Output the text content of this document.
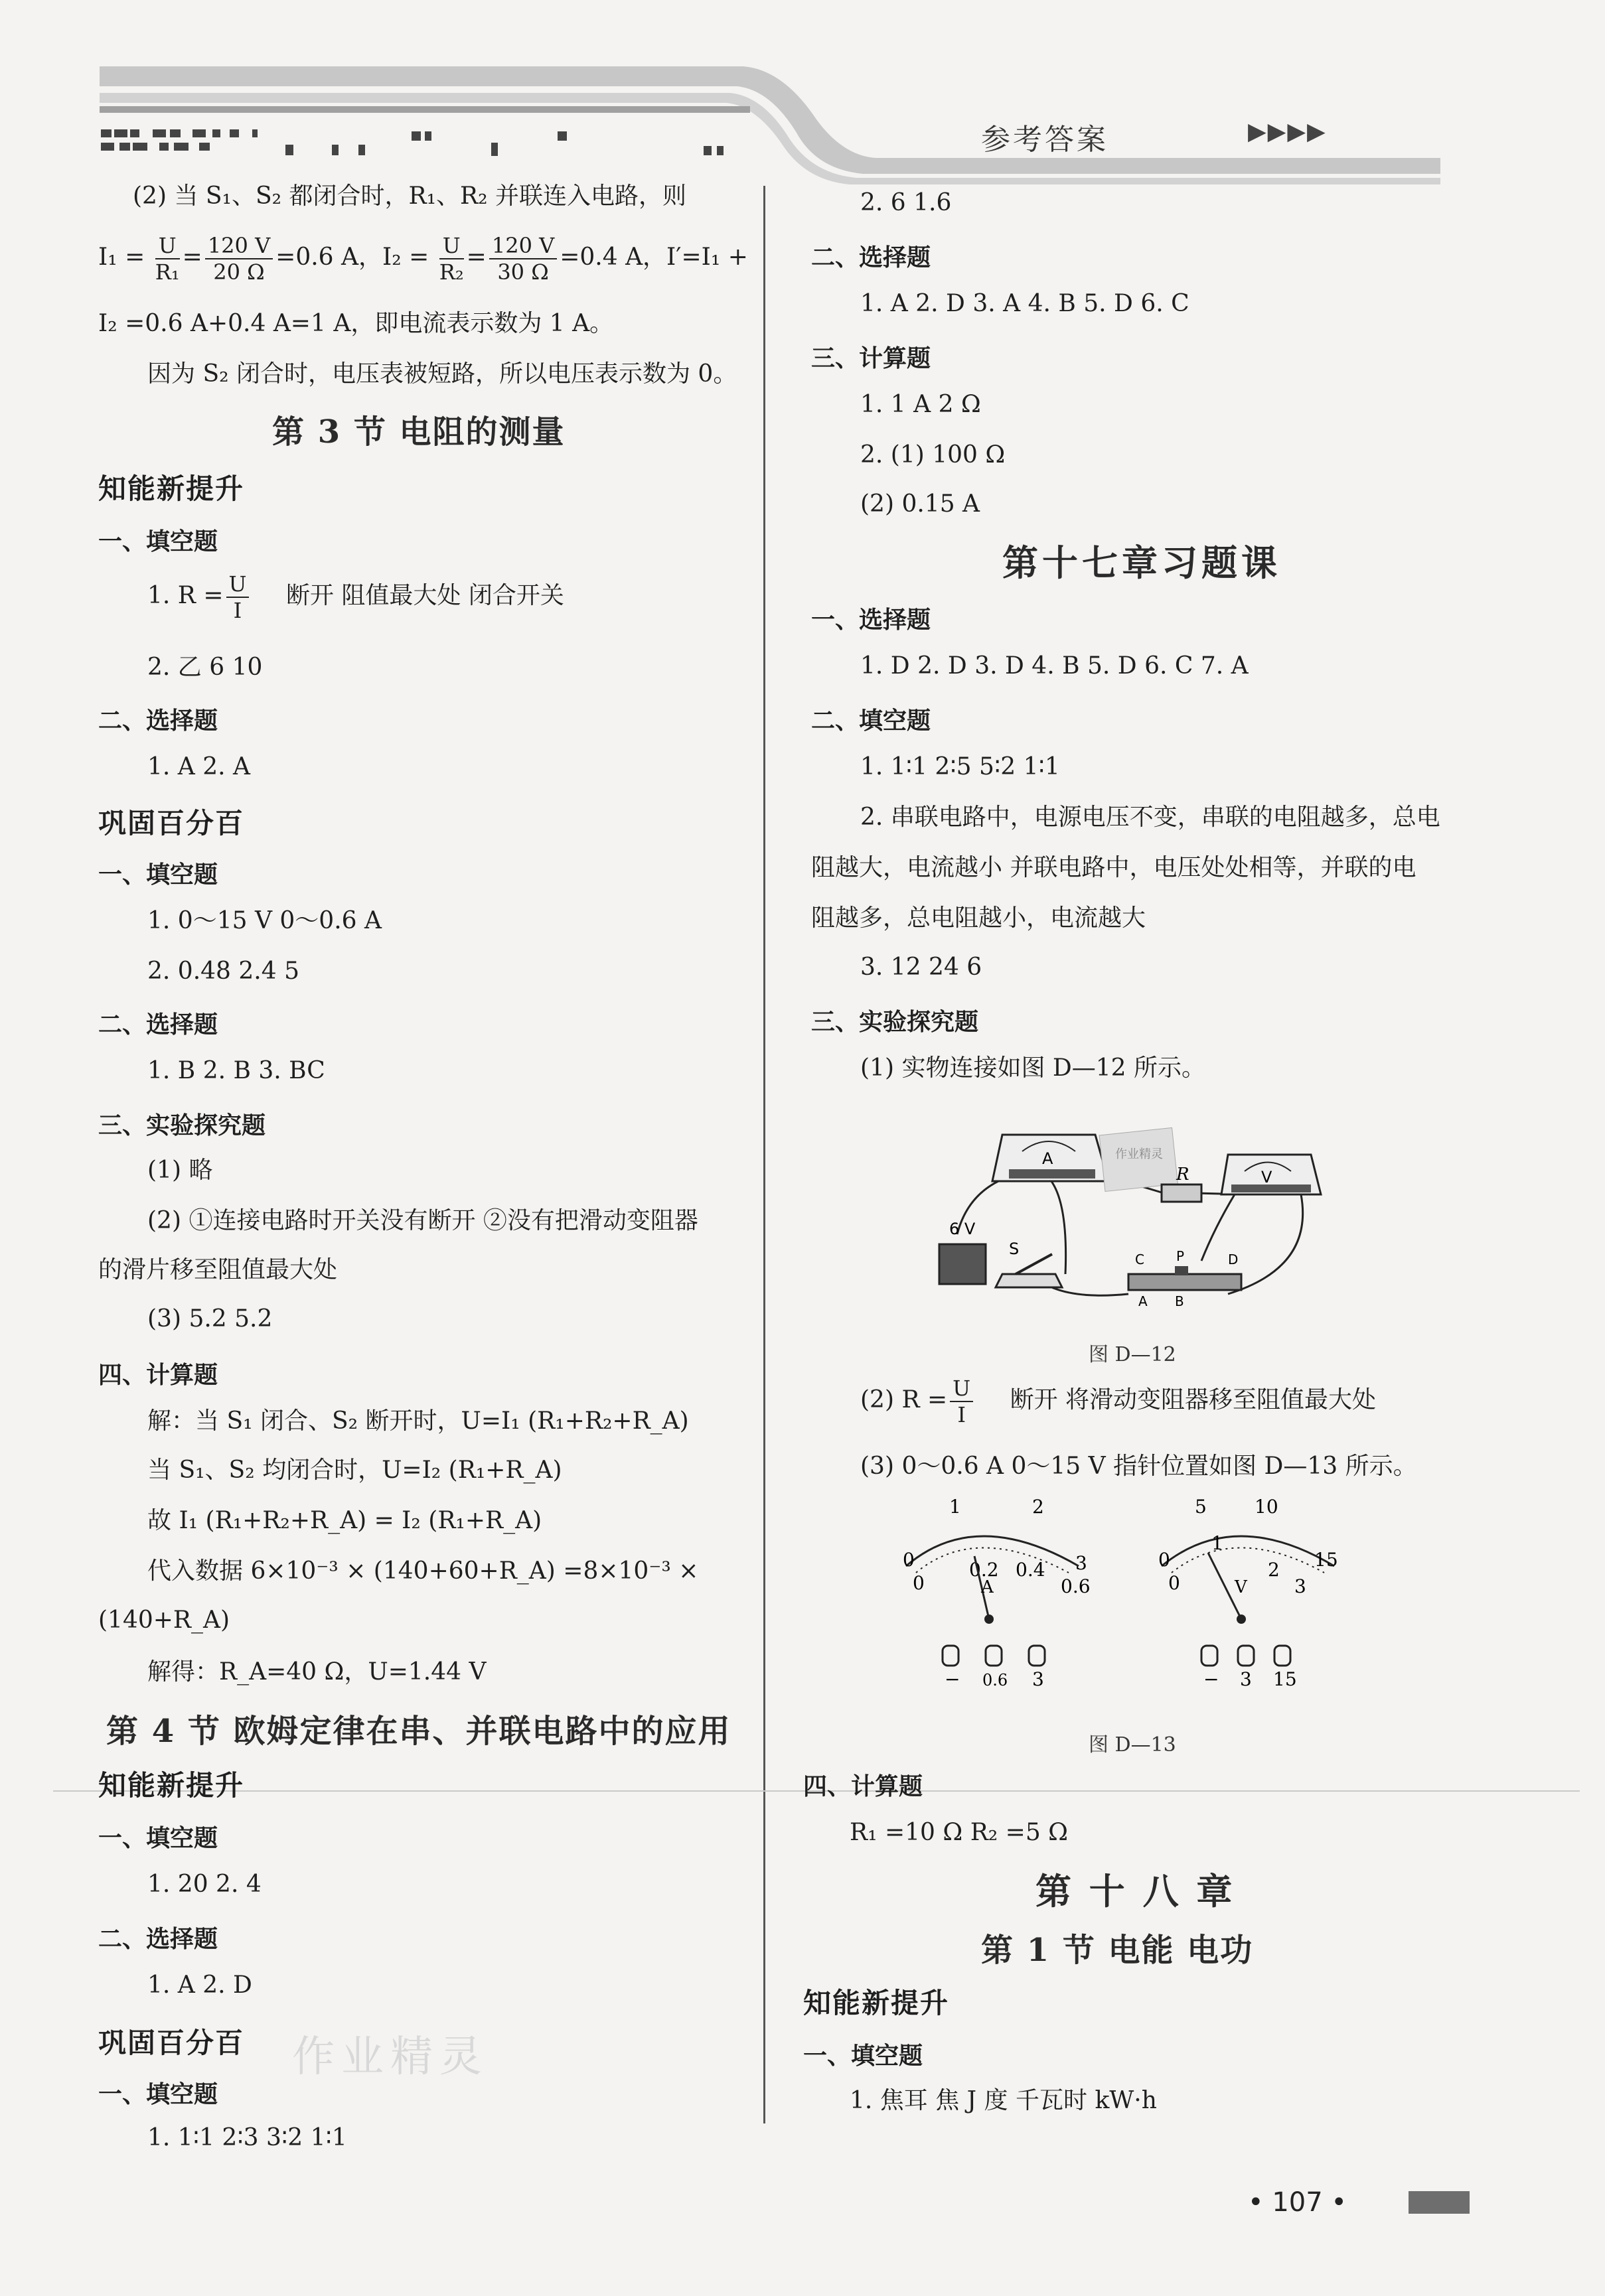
参考答案	▶▶▶▶
(2) 当 S₁、S₂ 都闭合时，R₁、R₂ 并联连入电路，则
$I_1 = \frac{U}{\text{R₁}} = \frac{120 V}{20 \Omega} =0.6$ A，$I_2 = \frac{U}{\text{R₂}} = \frac{120 V}{30 \Omega} =0.4$ A，I′=I₁ +
I₂ =0.6 A+0.4 A=1 A，即电流表示数为 1 A。
因为 S₂ 闭合时，电压表被短路，所以电压表示数为 0。
第 3 节 电阻的测量
知能新提升
一、填空题
1. $R = \frac{U}{I}$ 断开 阻值最大处 闭合开关
2. 乙 6 10
二、选择题
1. A 2. A
巩固百分百
一、填空题
1. 0～15 V 0～0.6 A
2. 0.48 2.4 5
二、选择题
1. B 2. B 3. BC
三、实验探究题
(1) 略
(2) ①连接电路时开关没有断开 ②没有把滑动变阻器
的滑片移至阻值最大处
(3) 5.2 5.2
四、计算题
解：当 S₁ 闭合、S₂ 断开时，U=I₁ (R₁+R₂+R_A)
当 S₁、S₂ 均闭合时，U=I₂ (R₁+R_A)
故 I₁ (R₁+R₂+R_A) = I₂ (R₁+R_A)
代入数据 6×10⁻³ × (140+60+R_A) =8×10⁻³ ×
(140+R_A)
解得：R_A=40 Ω，U=1.44 V
第 4 节 欧姆定律在串、并联电路中的应用
知能新提升
一、填空题
1. 20 2. 4
二、选择题
1. A 2. D
巩固百分百 作业精灵
一、填空题
1. 1∶1 2∶3 3∶2 1∶1
2. 6 1.6
二、选择题
1. A 2. D 3. A 4. B 5. D 6. C
三、计算题
1. 1 A 2 Ω
2. (1) 100 Ω
(2) 0.15 A
第十七章习题课
一、选择题
1. D 2. D 3. D 4. B 5. D 6. C 7. A
二、填空题
1. 1∶1 2∶5 5∶2 1∶1
2. 串联电路中，电源电压不变，串联的电阻越多，总电
阻越大，电流越小 并联电路中，电压处处相等，并联的电
阻越多，总电阻越小，电流越大
3. 12 24 6
三、实验探究题
(1) 实物连接如图 D—12 所示。
A	作业精灵
R	V
6 V
S
C P	D
A B
图 D—12
(2) $R = \frac{U}{I}$ 断开 将滑动变阻器移至阻值最大处
(3) 0～0.6 A 0～15 V 指针位置如图 D—13 所示。
1	2
0	3
0
0.2 0.4
0.6
A
− 0.6 3
5	10
0	15
0
1
2
3
V
− 3 15
图 D—13
四、计算题
R₁ =10 Ω R₂ =5 Ω
第 十 八 章
第 1 节 电能 电功
知能新提升
一、填空题
1. 焦耳 焦 J 度 千瓦时 kW·h
• 107 •
